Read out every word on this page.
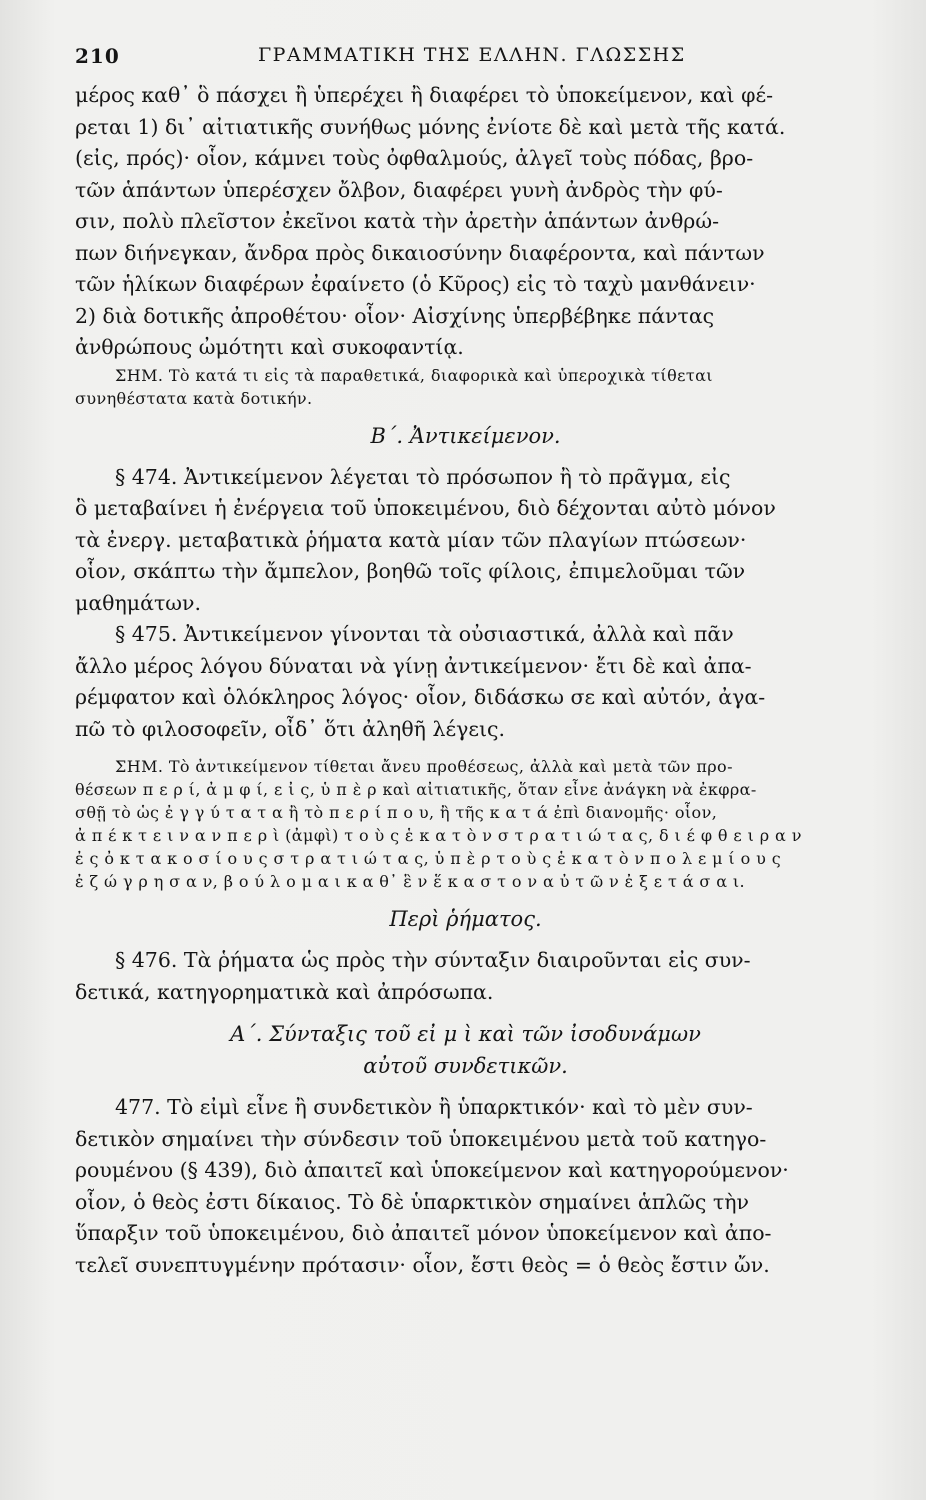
210	ΓΡΑΜΜΑΤΙΚΗ ΤΗΣ ΕΛΛΗΝ. ΓΛΩΣΣΗΣ
μέρος καθ᾽ ὃ πάσχει ἢ ὑπερέχει ἢ διαφέρει τὸ ὑποκείμενον, καὶ φέ-
ρεται 1) δι᾽ αἰτιατικῆς συνήθως μόνης ἐνίοτε δὲ καὶ μετὰ τῆς κατά.
(εἰς, πρός)· οἷον, κάμνει τοὺς ὀφθαλμούς, ἀλγεῖ τοὺς πόδας, βρο-
τῶν ἁπάντων ὑπερέσχεν ὄλβον, διαφέρει γυνὴ ἀνδρὸς τὴν φύ-
σιν, πολὺ πλεῖστον ἐκεῖνοι κατὰ τὴν ἀρετὴν ἁπάντων ἀνθρώ-
πων διήνεγκαν, ἄνδρα πρὸς δικαιοσύνην διαφέροντα, καὶ πάντων
τῶν ἡλίκων διαφέρων ἐφαίνετο (ὁ Κῦρος) εἰς τὸ ταχὺ μανθάνειν·
2) διὰ δοτικῆς ἀπροθέτου· οἷον· Αἰσχίνης ὑπερβέβηκε πάντας
ἀνθρώπους ὠμότητι καὶ συκοφαντίᾳ.
ΣΗΜ. Τὸ κατά τι εἰς τὰ παραθετικά, διαφορικὰ καὶ ὑπεροχικὰ τίθεται
συνηθέστατα κατὰ δοτικήν.
Β΄. Ἀντικείμενον.
§ 474. Ἀντικείμενον λέγεται τὸ πρόσωπον ἢ τὸ πρᾶγμα, εἰς
ὃ μεταβαίνει ἡ ἐνέργεια τοῦ ὑποκειμένου, διὸ δέχονται αὐτὸ μόνον
τὰ ἐνεργ. μεταβατικὰ ῥήματα κατὰ μίαν τῶν πλαγίων πτώσεων·
οἷον, σκάπτω τὴν ἄμπελον, βοηθῶ τοῖς φίλοις, ἐπιμελοῦμαι τῶν
μαθημάτων.
§ 475. Ἀντικείμενον γίνονται τὰ οὐσιαστικά, ἀλλὰ καὶ πᾶν
ἄλλο μέρος λόγου δύναται νὰ γίνῃ ἀντικείμενον· ἔτι δὲ καὶ ἀπα-
ρέμφατον καὶ ὁλόκληρος λόγος· οἷον, διδάσκω σε καὶ αὐτόν, ἀγα-
πῶ τὸ φιλοσοφεῖν, οἶδ᾽ ὅτι ἀληθῆ λέγεις.
ΣΗΜ. Τὸ ἀντικείμενον τίθεται ἄνευ προθέσεως, ἀλλὰ καὶ μετὰ τῶν προ-
θέσεων π ε ρ ί, ἀ μ φ ί, ε ἰ ς, ὑ π ὲ ρ καὶ αἰτιατικῆς, ὅταν εἶνε ἀνάγκη νὰ ἐκφρα-
σθῇ τὸ ὡς ἐ γ γ ύ τ α τ α ἢ τὸ π ε ρ ί π ο υ, ἢ τῆς κ α τ ά ἐπὶ διανομῆς· οἷον,
ἀ π έ κ τ ε ι ν α ν π ε ρ ὶ (ἀμφὶ) τ ο ὺ ς ἑ κ α τ ὸ ν σ τ ρ α τ ι ώ τ α ς, δ ι έ φ θ ε ι ρ α ν
ἐ ς ὀ κ τ α κ ο σ ί ο υ ς σ τ ρ α τ ι ώ τ α ς, ὑ π ὲ ρ τ ο ὺ ς ἑ κ α τ ὸ ν π ο λ ε μ ί ο υ ς
ἐ ζ ώ γ ρ η σ α ν, β ο ύ λ ο μ α ι κ α θ᾽ ἓ ν ἕ κ α σ τ ο ν α ὐ τ ῶ ν ἐ ξ ε τ ά σ α ι.
Περὶ ῥήματος.
§ 476. Τὰ ῥήματα ὡς πρὸς τὴν σύνταξιν διαιροῦνται εἰς συν-
δετικά, κατηγορηματικὰ καὶ ἀπρόσωπα.
Α΄. Σύνταξις τοῦ εἰ μ ὶ καὶ τῶν ἰσοδυνάμων
αὐτοῦ συνδετικῶν.
477. Τὸ εἰμὶ εἶνε ἢ συνδετικὸν ἢ ὑπαρκτικόν· καὶ τὸ μὲν συν-
δετικὸν σημαίνει τὴν σύνδεσιν τοῦ ὑποκειμένου μετὰ τοῦ κατηγο-
ρουμένου (§ 439), διὸ ἀπαιτεῖ καὶ ὑποκείμενον καὶ κατηγορούμενον·
οἷον, ὁ θεὸς ἐστι δίκαιος. Τὸ δὲ ὑπαρκτικὸν σημαίνει ἁπλῶς τὴν
ὕπαρξιν τοῦ ὑποκειμένου, διὸ ἀπαιτεῖ μόνον ὑποκείμενον καὶ ἀπο-
τελεῖ συνεπτυγμένην πρότασιν· οἷον, ἔστι θεὸς = ὁ θεὸς ἔστιν ὤν.
